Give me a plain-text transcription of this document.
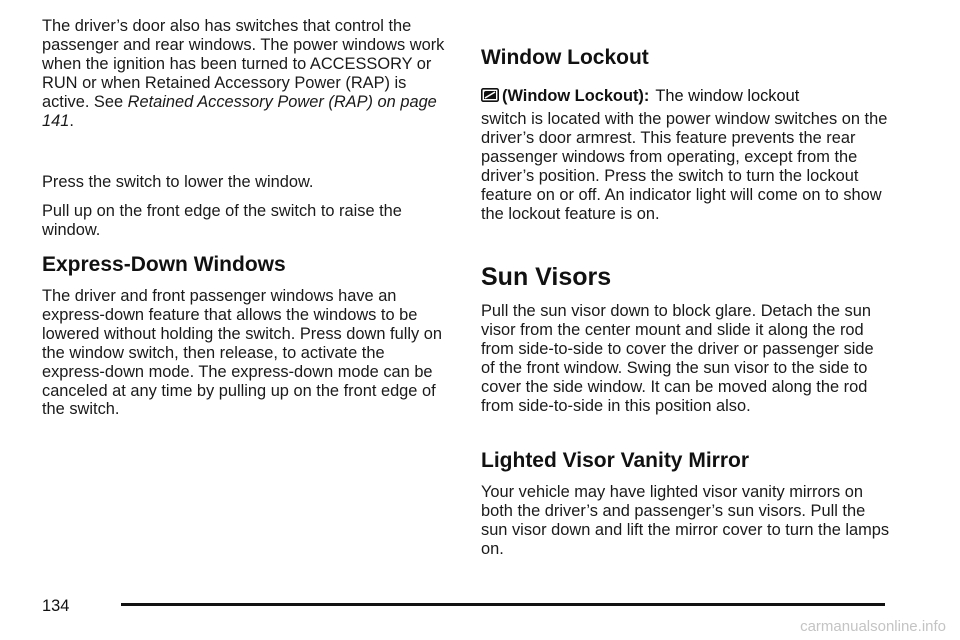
The driver’s door also has switches that control the passenger and rear windows. The power windows work when the ignition has been turned to ACCESSORY or RUN or when Retained Accessory Power (RAP) is active. See Retained Accessory Power (RAP) on page 141.

Press the switch to lower the window.

Pull up on the front edge of the switch to raise the window.

Express-Down Windows

The driver and front passenger windows have an express-down feature that allows the windows to be lowered without holding the switch. Press down fully on the window switch, then release, to activate the express-down mode. The express-down mode can be canceled at any time by pulling up on the front edge of the switch.

Window Lockout
(Window Lockout): The window lockout

switch is located with the power window switches on the driver’s door armrest. This feature prevents the rear passenger windows from operating, except from the driver’s position. Press the switch to turn the lockout feature on or off. An indicator light will come on to show the lockout feature is on.

Sun Visors

Pull the sun visor down to block glare. Detach the sun visor from the center mount and slide it along the rod from side-to-side to cover the driver or passenger side of the front window. Swing the sun visor to the side to cover the side window. It can be moved along the rod from side-to-side in this position also.

Lighted Visor Vanity Mirror

Your vehicle may have lighted visor vanity mirrors on both the driver’s and passenger’s sun visors. Pull the sun visor down and lift the mirror cover to turn the lamps on.

134
carmanualsonline.info
